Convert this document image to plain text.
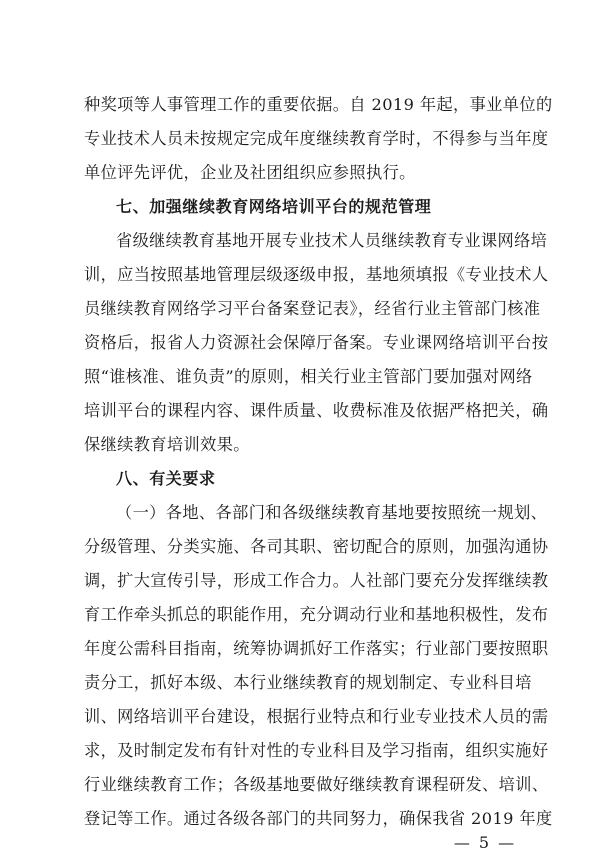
种奖项等人事管理工作的重要依据。自 2019 年起，事业单位的
专业技术人员未按规定完成年度继续教育学时，不得参与当年度
单位评先评优，企业及社团组织应参照执行。
七、加强继续教育网络培训平台的规范管理
省级继续教育基地开展专业技术人员继续教育专业课网络培
训，应当按照基地管理层级逐级申报，基地须填报《专业技术人
员继续教育网络学习平台备案登记表》，经省行业主管部门核准
资格后，报省人力资源社会保障厅备案。专业课网络培训平台按
照“谁核准、谁负责”的原则，相关行业主管部门要加强对网络
培训平台的课程内容、课件质量、收费标准及依据严格把关，确
保继续教育培训效果。
八、有关要求
（一）各地、各部门和各级继续教育基地要按照统一规划、
分级管理、分类实施、各司其职、密切配合的原则，加强沟通协
调，扩大宣传引导，形成工作合力。人社部门要充分发挥继续教
育工作牵头抓总的职能作用，充分调动行业和基地积极性，发布
年度公需科目指南，统筹协调抓好工作落实；行业部门要按照职
责分工，抓好本级、本行业继续教育的规划制定、专业科目培
训、网络培训平台建设，根据行业特点和行业专业技术人员的需
求，及时制定发布有针对性的专业科目及学习指南，组织实施好
行业继续教育工作；各级基地要做好继续教育课程研发、培训、
登记等工作。通过各级各部门的共同努力，确保我省 2019 年度
— 5 —
